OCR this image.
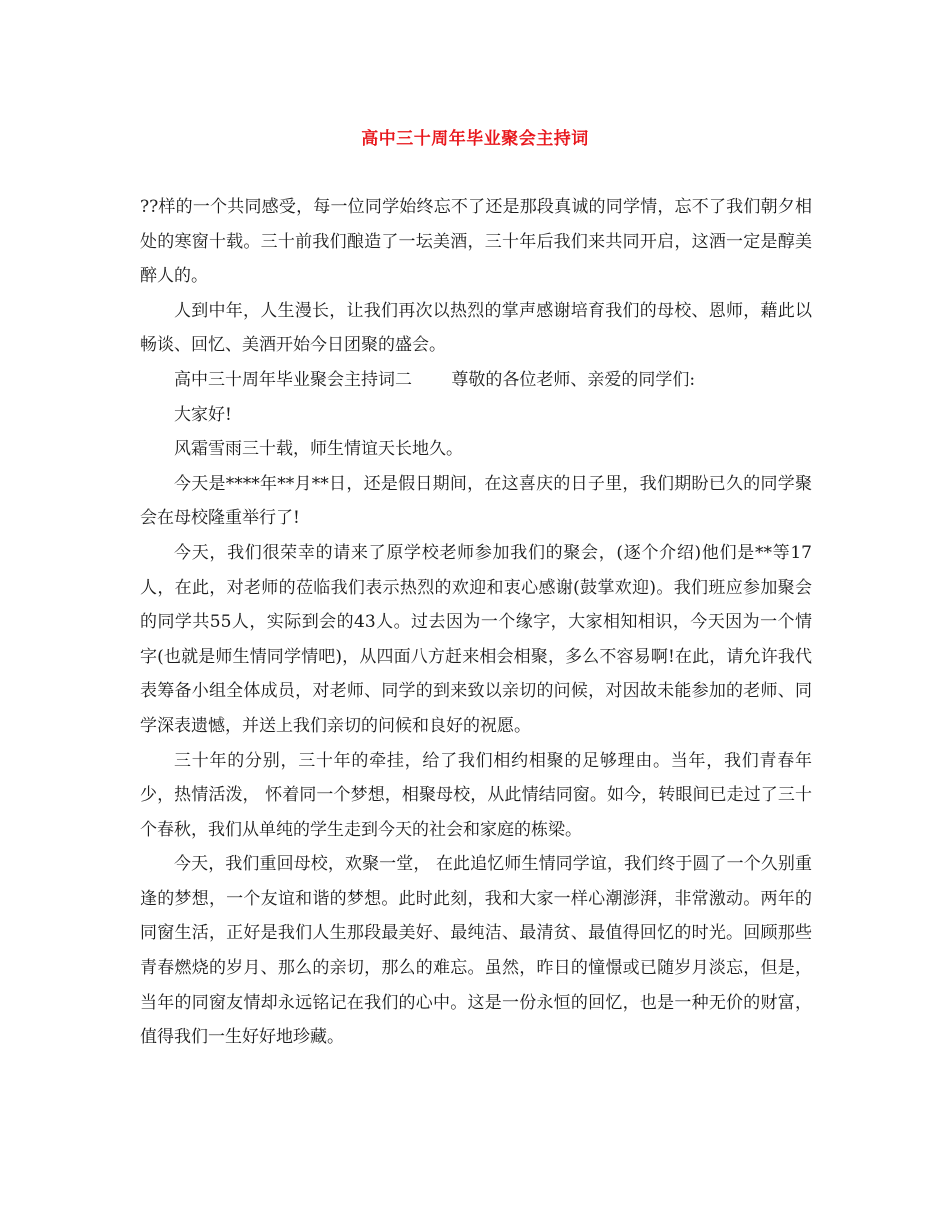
高中三十周年毕业聚会主持词

??样的一个共同感受，每一位同学始终忘不了还是那段真诚的同学情，忘不了我们朝夕相处的寒窗十载。三十前我们酿造了一坛美酒，三十年后我们来共同开启，这酒一定是醇美醉人的。

人到中年，人生漫长，让我们再次以热烈的掌声感谢培育我们的母校、恩师，藉此以畅谈、回忆、美酒开始今日团聚的盛会。

高中三十周年毕业聚会主持词二　　 尊敬的各位老师、亲爱的同学们:

大家好!

风霜雪雨三十载，师生情谊天长地久。

今天是****年**月**日，还是假日期间，在这喜庆的日子里，我们期盼已久的同学聚会在母校隆重举行了!

今天，我们很荣幸的请来了原学校老师参加我们的聚会，(逐个介绍)他们是**等17人，在此，对老师的莅临我们表示热烈的欢迎和衷心感谢(鼓掌欢迎)。我们班应参加聚会的同学共55人，实际到会的43人。过去因为一个缘字，大家相知相识，今天因为一个情字(也就是师生情同学情吧)，从四面八方赶来相会相聚，多么不容易啊!在此，请允许我代表筹备小组全体成员，对老师、同学的到来致以亲切的问候，对因故未能参加的老师、同学深表遗憾，并送上我们亲切的问候和良好的祝愿。

三十年的分别，三十年的牵挂，给了我们相约相聚的足够理由。当年，我们青春年少，热情活泼， 怀着同一个梦想，相聚母校，从此情结同窗。如今，转眼间已走过了三十个春秋，我们从单纯的学生走到今天的社会和家庭的栋梁。

今天，我们重回母校，欢聚一堂， 在此追忆师生情同学谊，我们终于圆了一个久别重逢的梦想，一个友谊和谐的梦想。此时此刻，我和大家一样心潮澎湃，非常激动。两年的同窗生活，正好是我们人生那段最美好、最纯洁、最清贫、最值得回忆的时光。回顾那些青春燃烧的岁月、那么的亲切，那么的难忘。虽然，昨日的憧憬或已随岁月淡忘，但是，当年的同窗友情却永远铭记在我们的心中。这是一份永恒的回忆，也是一种无价的财富，值得我们一生好好地珍藏。
